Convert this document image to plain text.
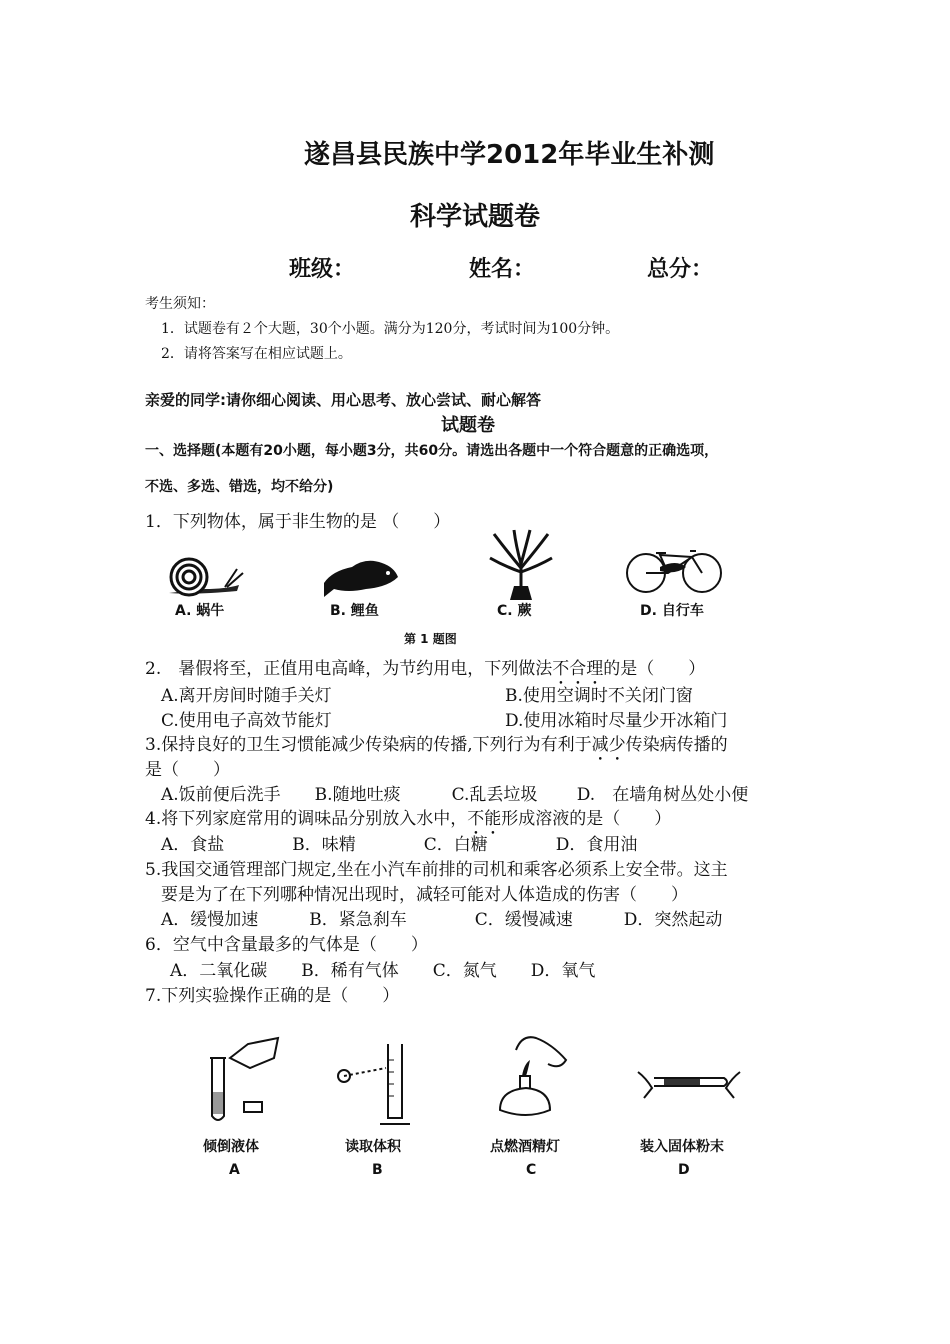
遂昌县民族中学2012年毕业生补测
科学试题卷
班级：	姓名：	总分：
考生须知：
1．试题卷有２个大题，30个小题。满分为120分，考试时间为100分钟。
2．请将答案写在相应试题上。
亲爱的同学:请你细心阅读、用心思考、放心尝试、耐心解答
试题卷
一、选择题(本题有20小题，每小题3分，共60分。请选出各题中一个符合题意的正确选项，
不选、多选、错选，均不给分)
1．下列物体，属于非生物的是 （　　）
A. 蜗牛	B. 鲤鱼	C. 蕨	D. 自行车
第 1 题图
2.　暑假将至，正值用电高峰，为节约用电，下列做法不合理的是（　　）
A.离开房间时随手关灯	B.使用空调时不关闭门窗
C.使用电子高效节能灯	D.使用冰箱时尽量少开冰箱门
3.保持良好的卫生习惯能减少传染病的传播,下列行为有利于减少传染病传播的
是（　　）
A.饭前便后洗手　　B.随地吐痰　　　C.乱丢垃圾　　 D.　在墙角树丛处小便
4.将下列家庭常用的调味品分别放入水中，不能形成溶液的是（　　）
A．食盐　　　　B．味精　　　　C．白糖　　　　D．食用油
5.我国交通管理部门规定,坐在小汽车前排的司机和乘客必须系上安全带。这主
要是为了在下列哪种情况出现时，减轻可能对人体造成的伤害（　　）
A．缓慢加速　　　B．紧急刹车　　　　C．缓慢减速　　　D．突然起动
6．空气中含量最多的气体是（　　）
A．二氧化碳　　B．稀有气体　　C．氮气　　D．氧气
7.下列实验操作正确的是（　　）
倾倒液体	读取体积	点燃酒精灯	装入固体粉末
A	B	C	D
